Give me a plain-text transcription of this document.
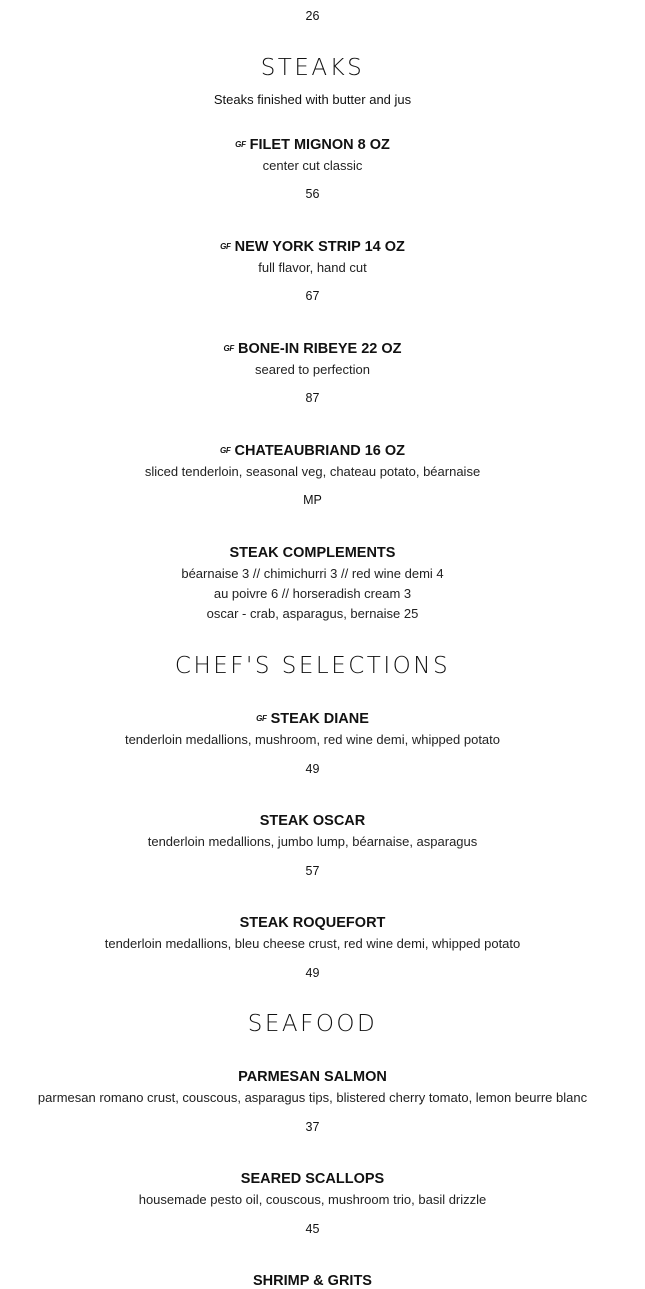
26
STEAKS
Steaks finished with butter and jus
GF FILET MIGNON 8 OZ
center cut classic
56
GF NEW YORK STRIP 14 OZ
full flavor, hand cut
67
GF BONE-IN RIBEYE 22 OZ
seared to perfection
87
GF CHATEAUBRIAND 16 OZ
sliced tenderloin, seasonal veg, chateau potato, béarnaise
MP
STEAK COMPLEMENTS
béarnaise 3 // chimichurri 3 // red wine demi 4
au poivre 6 // horseradish cream 3
oscar - crab, asparagus, bernaise 25
CHEF'S SELECTIONS
GF STEAK DIANE
tenderloin medallions, mushroom, red wine demi, whipped potato
49
STEAK OSCAR
tenderloin medallions, jumbo lump, béarnaise, asparagus
57
STEAK ROQUEFORT
tenderloin medallions, bleu cheese crust, red wine demi, whipped potato
49
SEAFOOD
PARMESAN SALMON
parmesan romano crust, couscous, asparagus tips, blistered cherry tomato, lemon beurre blanc
37
SEARED SCALLOPS
housemade pesto oil, couscous, mushroom trio, basil drizzle
45
SHRIMP & GRITS
